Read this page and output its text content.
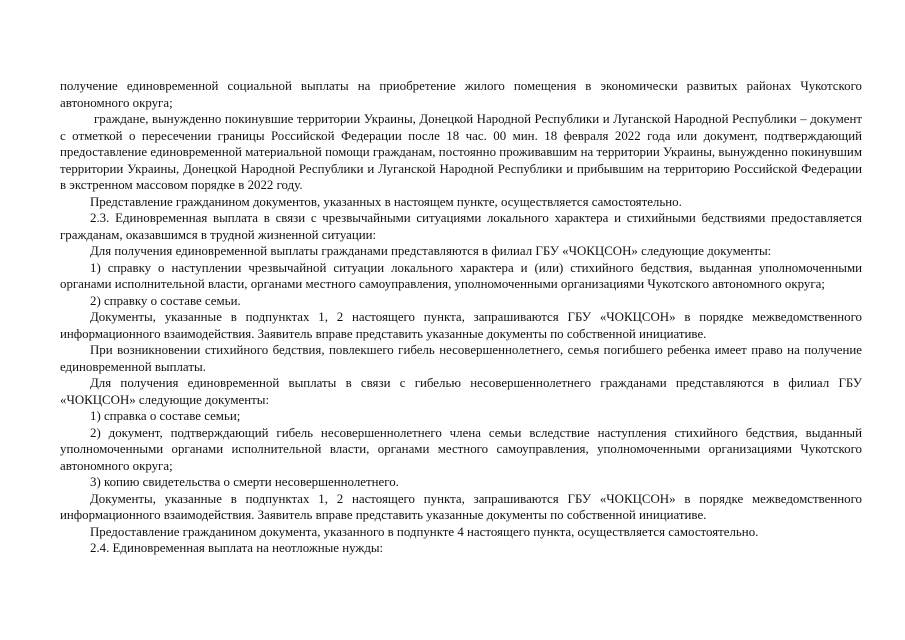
получение единовременной социальной выплаты на приобретение жилого помещения в экономически развитых районах Чукотского автономного округа;

граждане, вынужденно покинувшие территории Украины, Донецкой Народной Республики и Луганской Народной Республики – документ с отметкой о пересечении границы Российской Федерации после 18 час. 00 мин. 18 февраля 2022 года или документ, подтверждающий предоставление единовременной материальной помощи гражданам, постоянно проживавшим на территории Украины, вынужденно покинувшим территории Украины, Донецкой Народной Республики и Луганской Народной Республики и прибывшим на территорию Российской Федерации в экстренном массовом порядке в 2022 году.

Представление гражданином документов, указанных в настоящем пункте, осуществляется самостоятельно.

2.3. Единовременная выплата в связи с чрезвычайными ситуациями локального характера и стихийными бедствиями предоставляется гражданам, оказавшимся в трудной жизненной ситуации:

Для получения единовременной выплаты гражданами представляются в филиал ГБУ «ЧОКЦСОН» следующие документы:

1) справку о наступлении чрезвычайной ситуации локального характера и (или) стихийного бедствия, выданная уполномоченными органами исполнительной власти, органами местного самоуправления, уполномоченными организациями Чукотского автономного округа;

2) справку о составе семьи.

Документы, указанные в подпунктах 1, 2 настоящего пункта, запрашиваются ГБУ «ЧОКЦСОН» в порядке межведомственного информационного взаимодействия. Заявитель вправе представить указанные документы по собственной инициативе.

При возникновении стихийного бедствия, повлекшего гибель несовершеннолетнего, семья погибшего ребенка имеет право на получение единовременной выплаты.

Для получения единовременной выплаты в связи с гибелью несовершеннолетнего гражданами представляются в филиал ГБУ «ЧОКЦСОН» следующие документы:

1) справка о составе семьи;

2) документ, подтверждающий гибель несовершеннолетнего члена семьи вследствие наступления стихийного бедствия, выданный уполномоченными органами исполнительной власти, органами местного самоуправления, уполномоченными организациями Чукотского автономного округа;

3) копию свидетельства о смерти несовершеннолетнего.

Документы, указанные в подпунктах 1, 2 настоящего пункта, запрашиваются ГБУ «ЧОКЦСОН» в порядке межведомственного информационного взаимодействия. Заявитель вправе представить указанные документы по собственной инициативе.

Предоставление гражданином документа, указанного в подпункте 4 настоящего пункта, осуществляется самостоятельно.

2.4. Единовременная выплата на неотложные нужды:
